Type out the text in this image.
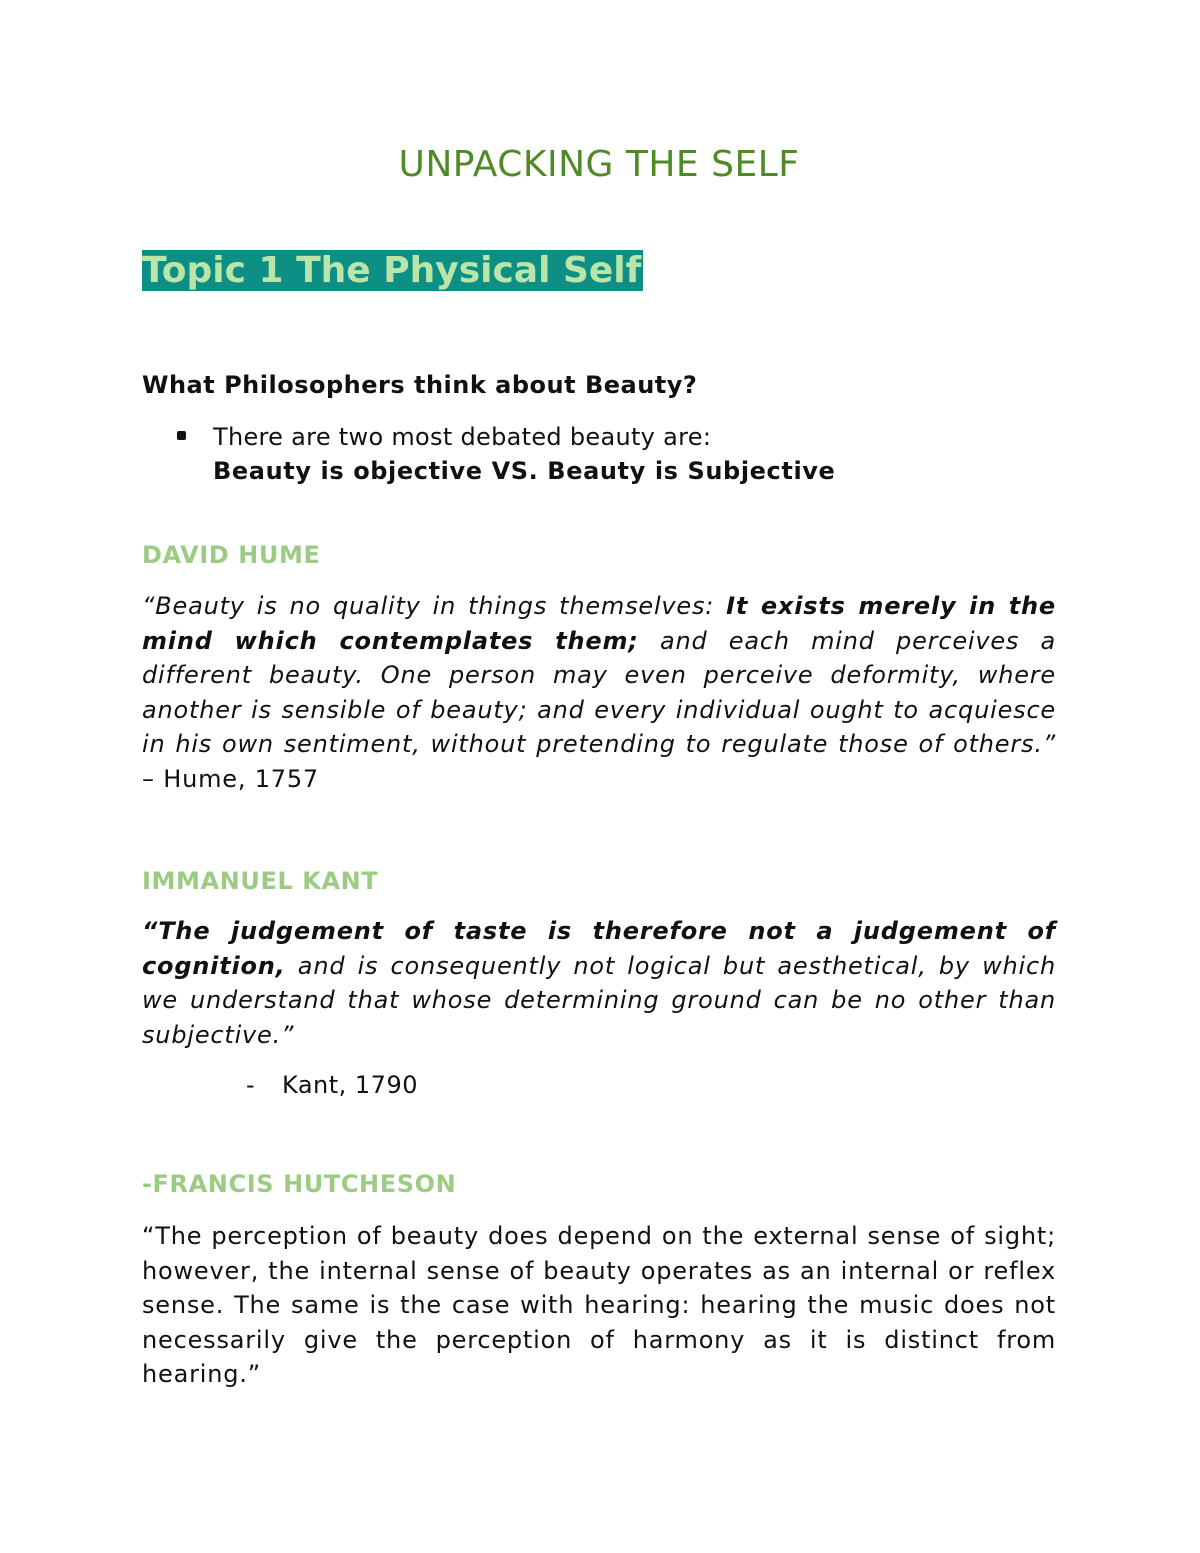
UNPACKING THE SELF
Topic 1 The Physical Self

What Philosophers think about Beauty?

There are two most debated beauty are:
Beauty is objective VS. Beauty is Subjective
DAVID HUME

“Beauty is no quality in things themselves: It exists merely in the mind which contemplates them; and each mind perceives a different beauty. One person may even perceive deformity, where another is sensible of beauty; and every individual ought to acquiesce in his own sentiment, without pretending to regulate those of others.” – Hume, 1757

IMMANUEL KANT

“The judgement of taste is therefore not a judgement of cognition, and is consequently not logical but aesthetical, by which we understand that whose determining ground can be no other than subjective.”

- Kant, 1790

-FRANCIS HUTCHESON

“The perception of beauty does depend on the external sense of sight; however, the internal sense of beauty operates as an internal or reflex sense. The same is the case with hearing: hearing the music does not necessarily give the perception of harmony as it is distinct from hearing.”
